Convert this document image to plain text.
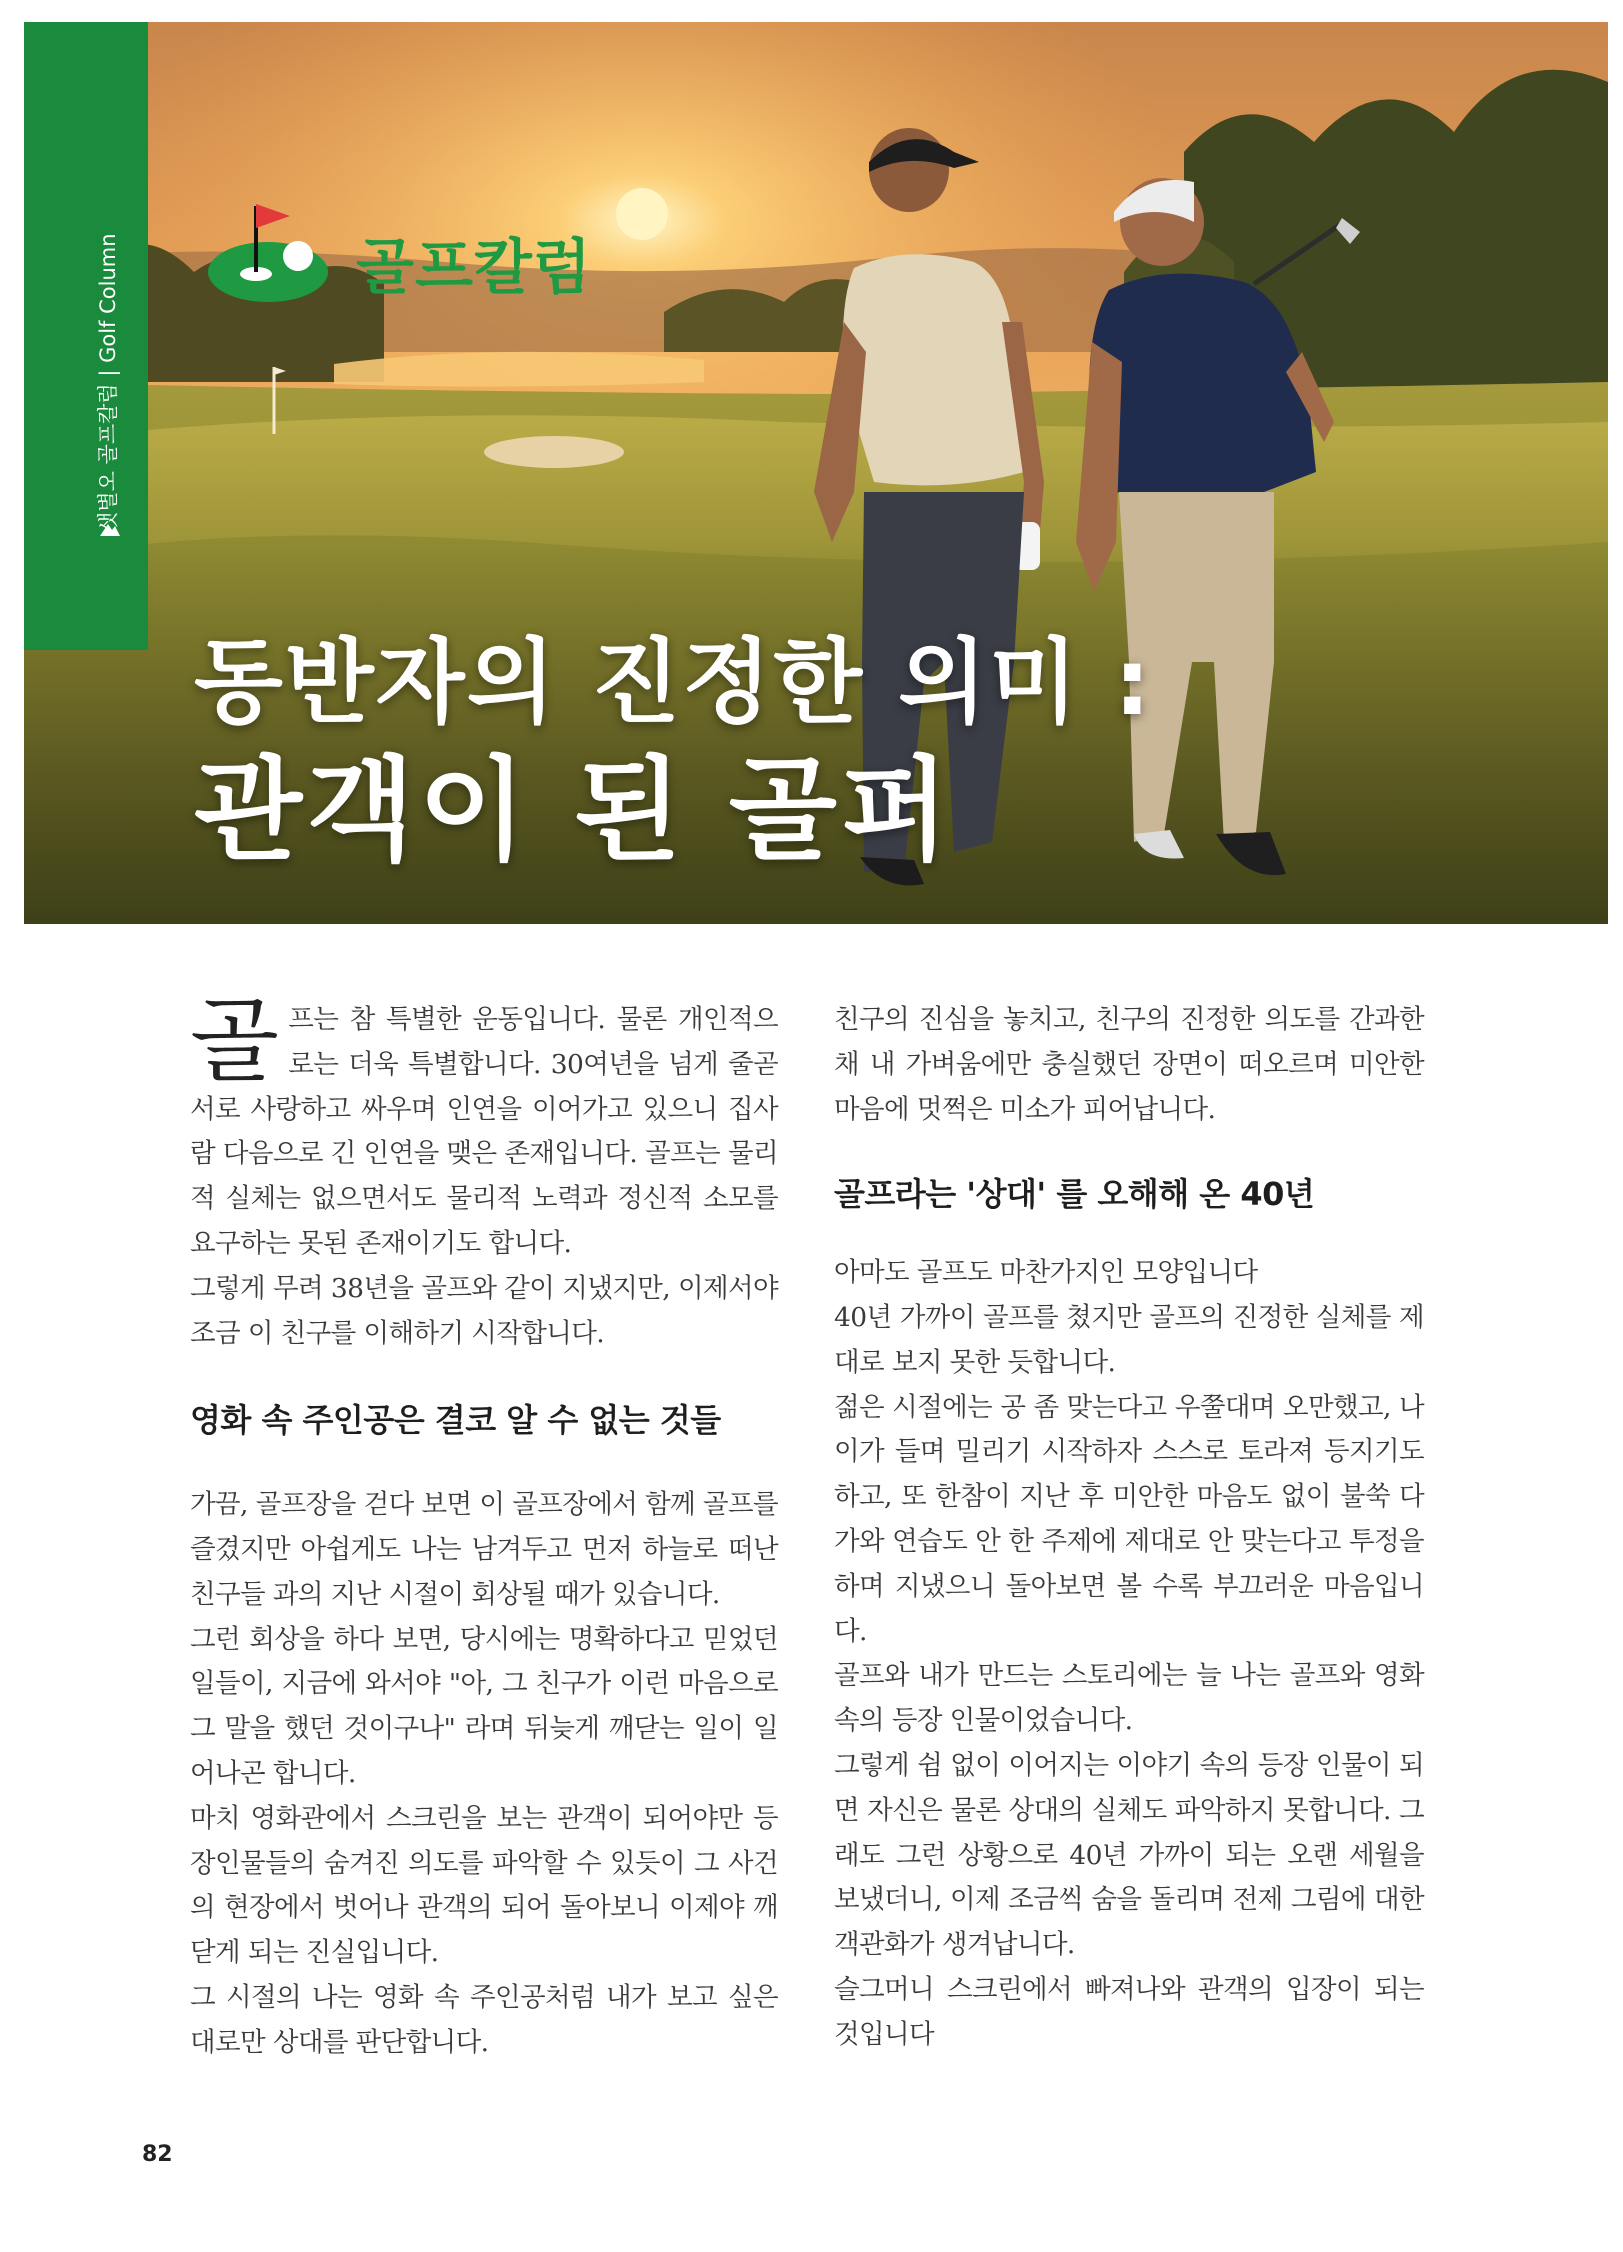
샛별오 골프칼럼 | Golf Column	골프칼럼
동반자의 진정한 의미 :
관객이 된 골퍼

골프는 참 특별한 운동입니다. 물론 개인적으로는 더욱 특별합니다. 30여년을 넘게 줄곧 서로 사랑하고 싸우며 인연을 이어가고 있으니 집사람 다음으로 긴 인연을 맺은 존재입니다. 골프는 물리적 실체는 없으면서도 물리적 노력과 정신적 소모를 요구하는 못된 존재이기도 합니다.

그렇게 무려 38년을 골프와 같이 지냈지만, 이제서야 조금 이 친구를 이해하기 시작합니다.

영화 속 주인공은 결코 알 수 없는 것들

가끔, 골프장을 걷다 보면 이 골프장에서 함께 골프를 즐겼지만 아쉽게도 나는 남겨두고 먼저 하늘로 떠난 친구들 과의 지난 시절이 회상될 때가 있습니다.

그런 회상을 하다 보면, 당시에는 명확하다고 믿었던 일들이, 지금에 와서야 "아, 그 친구가 이런 마음으로 그 말을 했던 것이구나" 라며 뒤늦게 깨닫는 일이 일어나곤 합니다.

마치 영화관에서 스크린을 보는 관객이 되어야만 등장인물들의 숨겨진 의도를 파악할 수 있듯이 그 사건의 현장에서 벗어나 관객의 되어 돌아보니 이제야 깨닫게 되는 진실입니다.

그 시절의 나는 영화 속 주인공처럼 내가 보고 싶은 대로만 상대를 판단합니다.

친구의 진심을 놓치고, 친구의 진정한 의도를 간과한 채 내 가벼움에만 충실했던 장면이 떠오르며 미안한 마음에 멋쩍은 미소가 피어납니다.

골프라는 '상대' 를 오해해 온 40년

아마도 골프도 마찬가지인 모양입니다

40년 가까이 골프를 쳤지만 골프의 진정한 실체를 제대로 보지 못한 듯합니다.

젊은 시절에는 공 좀 맞는다고 우쭐대며 오만했고, 나이가 들며 밀리기 시작하자 스스로 토라져 등지기도 하고, 또 한참이 지난 후 미안한 마음도 없이 불쑥 다가와 연습도 안 한 주제에 제대로 안 맞는다고 투정을 하며 지냈으니 돌아보면 볼 수록 부끄러운 마음입니다.

골프와 내가 만드는 스토리에는 늘 나는 골프와 영화속의 등장 인물이었습니다.

그렇게 쉼 없이 이어지는 이야기 속의 등장 인물이 되면 자신은 물론 상대의 실체도 파악하지 못합니다. 그래도 그런 상황으로 40년 가까이 되는 오랜 세월을 보냈더니, 이제 조금씩 숨을 돌리며 전제 그림에 대한 객관화가 생겨납니다.

슬그머니 스크린에서 빠져나와 관객의 입장이 되는 것입니다

82
